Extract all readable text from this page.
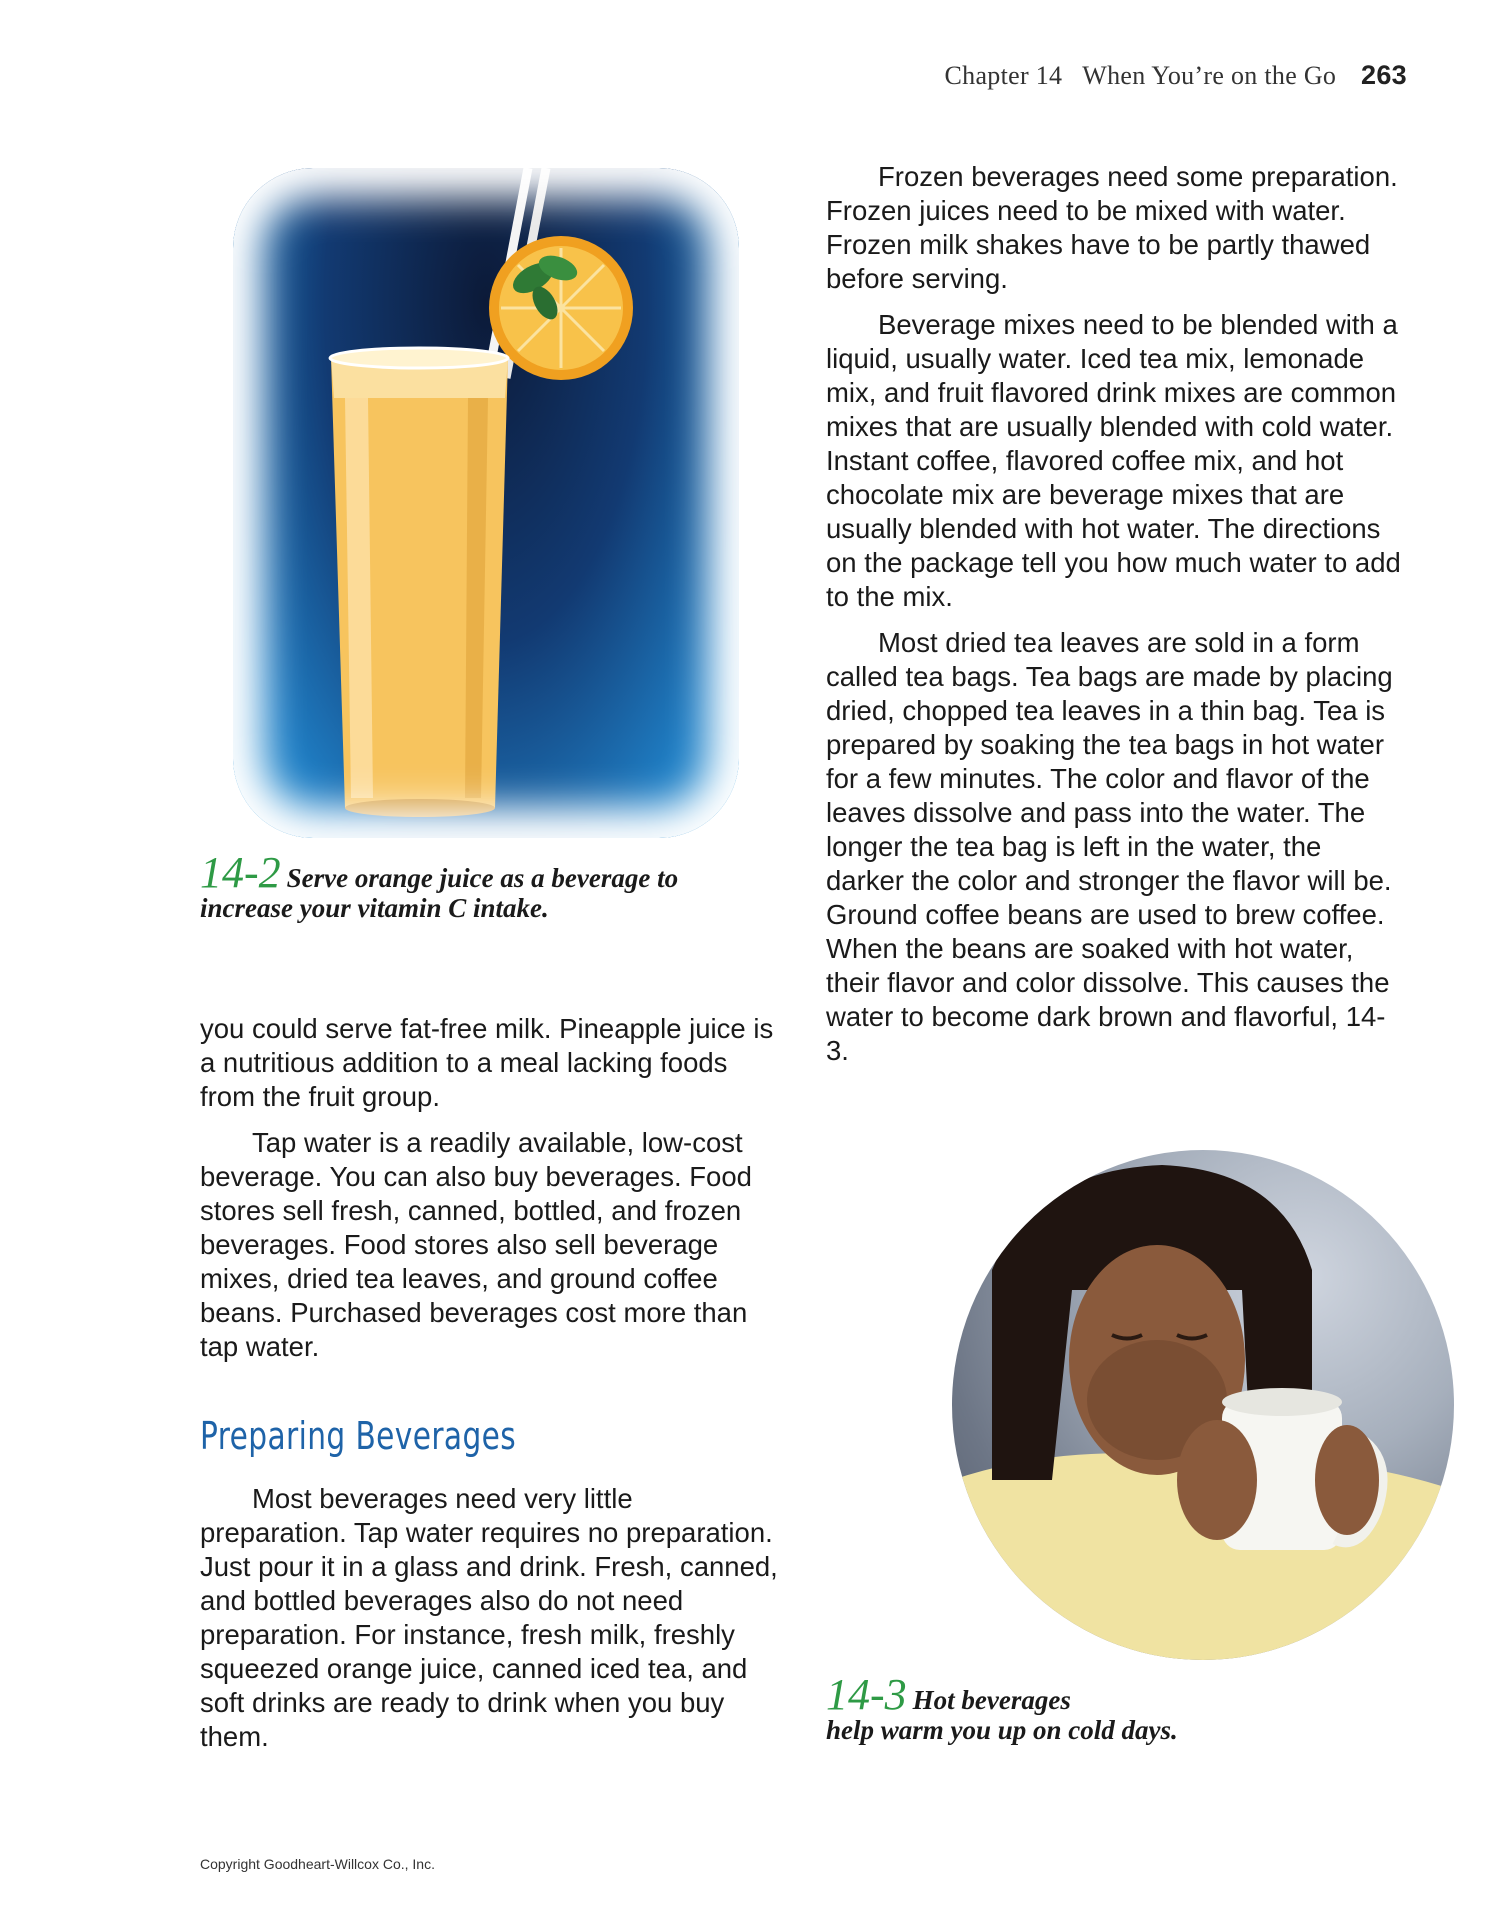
Chapter 14   When You’re on the Go 263
14-2 Serve orange juice as a beverage to increase your vitamin C intake.

you could serve fat-free milk. Pineapple juice is a nutritious addition to a meal lacking foods from the fruit group.

Tap water is a readily available, low-cost beverage. You can also buy beverages. Food stores sell fresh, canned, bottled, and frozen beverages. Food stores also sell beverage mixes, dried tea leaves, and ground coffee beans. Purchased beverages cost more than tap water.

Preparing Beverages

Most beverages need very little preparation. Tap water requires no preparation. Just pour it in a glass and drink. Fresh, canned, and bottled beverages also do not need preparation. For instance, fresh milk, freshly squeezed orange juice, canned iced tea, and soft drinks are ready to drink when you buy them.

Frozen beverages need some preparation. Frozen juices need to be mixed with water. Frozen milk shakes have to be partly thawed before serving.

Beverage mixes need to be blended with a liquid, usually water. Iced tea mix, lemonade mix, and fruit flavored drink mixes are common mixes that are usually blended with cold water. Instant coffee, flavored coffee mix, and hot chocolate mix are beverage mixes that are usually blended with hot water. The directions on the package tell you how much water to add to the mix.

Most dried tea leaves are sold in a form called tea bags. Tea bags are made by placing dried, chopped tea leaves in a thin bag. Tea is prepared by soaking the tea bags in hot water for a few minutes. The color and flavor of the leaves dissolve and pass into the water. The longer the tea bag is left in the water, the darker the color and stronger the flavor will be. Ground coffee beans are used to brew coffee. When the beans are soaked with hot water, their flavor and color dissolve. This causes the water to become dark brown and flavorful, 14-3.

14-3 Hot beverages
help warm you up on cold days.
Copyright Goodheart-Willcox Co., Inc.
